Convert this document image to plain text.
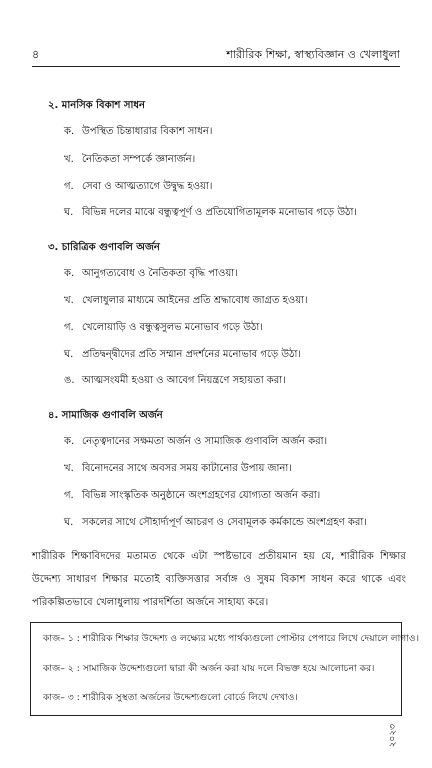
৪	শারীরিক শিক্ষা, স্বাস্থ্যবিজ্ঞান ও খেলাধুলা
২. মানসিক বিকাশ সাধন
ক. উপস্থিত চিন্তাধারার বিকাশ সাধন।
খ. নৈতিকতা সম্পর্কে জ্ঞানার্জন।
গ. সেবা ও আত্মত্যাগে উদ্বুদ্ধ হওয়া।
ঘ. বিভিন্ন দলের মাঝে বন্ধুত্বপূর্ণ ও প্রতিযোগিতামূলক মনোভাব গড়ে উঠা।
৩. চারিত্রিক গুণাবলি অর্জন
ক. আনুগত্যবোধ ও নৈতিকতা বৃদ্ধি পাওয়া।
খ. খেলাধুলার মাধ্যমে আইনের প্রতি শ্রদ্ধাবোধ জাগ্রত হওয়া।
গ. খেলোয়াড়ি ও বন্ধুত্বসুলভ মনোভাব গড়ে উঠা।
ঘ. প্রতিদ্বন্দ্বীদের প্রতি সম্মান প্রদর্শনের মনোভাব গড়ে উঠা।
ঙ. আত্মসংযমী হওয়া ও আবেগ নিয়ন্ত্রণে সহায়তা করা।
৪. সামাজিক গুণাবলি অর্জন
ক. নেতৃত্বদানের সক্ষমতা অর্জন ও সামাজিক গুণাবলি অর্জন করা।
খ. বিনোদনের সাথে অবসর সময় কাটানোর উপায় জানা।
গ. বিভিন্ন সাংস্কৃতিক অনুষ্ঠানে অংশগ্রহণের যোগ্যতা অর্জন করা।
ঘ. সকলের সাথে সৌহার্দ্যপূর্ণ আচরণ ও সেবামূলক কর্মকান্ডে অংশগ্রহণ করা।
শারীরিক শিক্ষাবিদদের মতামত থেকে এটা স্পষ্টভাবে প্রতীয়মান হয় যে, শারীরিক শিক্ষার উদ্দেশ্য সাধারণ শিক্ষার মতোই ব্যক্তিসত্তার সর্বাঙ্গ ও সুষম বিকাশ সাধন করে থাকে এবং পরিকল্পিতভাবে খেলাধুলায় পারদর্শিতা অর্জনে সাহায্য করে।
কাজ– ১ : শারীরিক শিক্ষার উদ্দেশ্য ও লক্ষ্যের মধ্যে পার্থক্যগুলো পোস্টার পেপারে লিখে দেয়ালে লাগাও।
কাজ– ২ : সামাজিক উদ্দেশ্যগুলো দ্বারা কী অর্জন করা যায় দলে বিভক্ত হয়ে আলোচনা কর।
কাজ– ৩ : শারীরিক সুস্থতা অর্জনের উদ্দেশ্যগুলো বোর্ডে লিখে দেখাও।
২০২৩
